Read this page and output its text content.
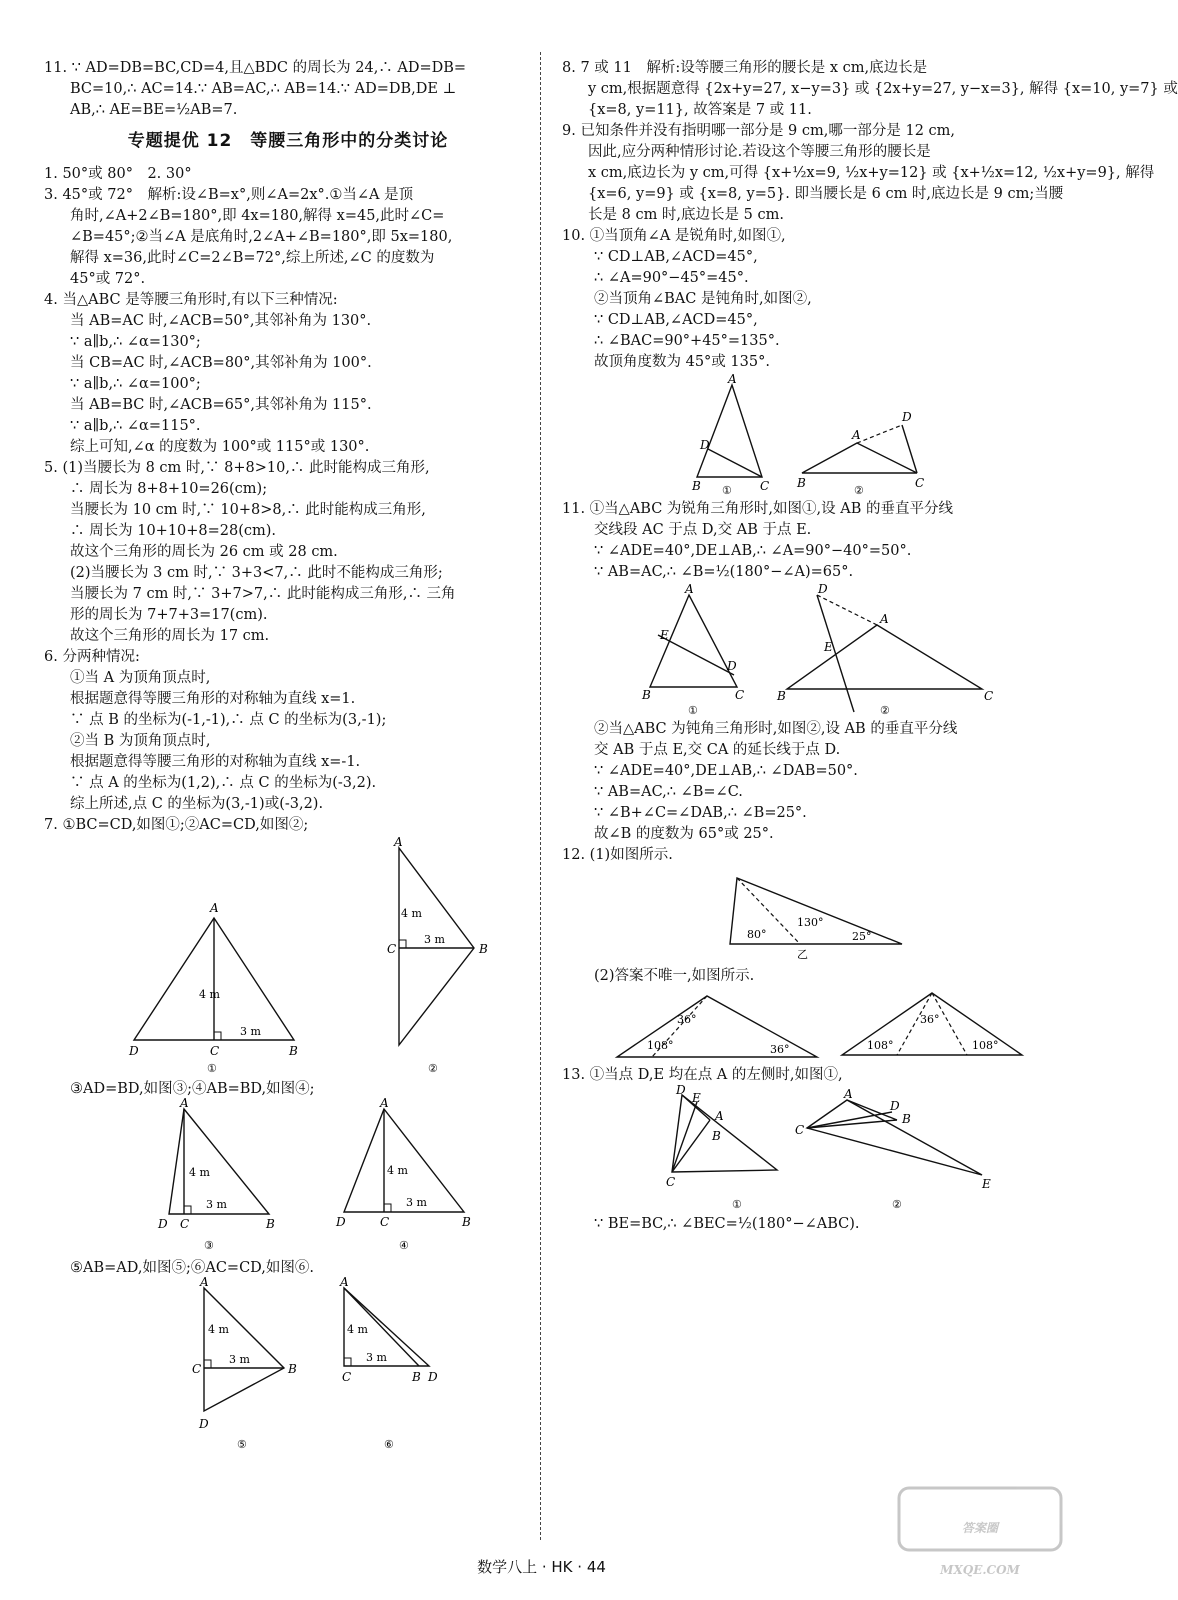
11. ∵ AD=DB=BC,CD=4,且△BDC 的周长为 24,∴ AD=DB=

BC=10,∴ AC=14.∵ AB=AC,∴ AB=14.∵ AD=DB,DE ⊥

AB,∴ AE=BE=½AB=7.

专题提优 12　等腰三角形中的分类讨论

1. 50°或 80°　2. 30°

3. 45°或 72°　解析:设∠B=x°,则∠A=2x°.①当∠A 是顶

角时,∠A+2∠B=180°,即 4x=180,解得 x=45,此时∠C=

∠B=45°;②当∠A 是底角时,2∠A+∠B=180°,即 5x=180,

解得 x=36,此时∠C=2∠B=72°,综上所述,∠C 的度数为

45°或 72°.

4. 当△ABC 是等腰三角形时,有以下三种情况:

当 AB=AC 时,∠ACB=50°,其邻补角为 130°.

∵ a∥b,∴ ∠α=130°;

当 CB=AC 时,∠ACB=80°,其邻补角为 100°.

∵ a∥b,∴ ∠α=100°;

当 AB=BC 时,∠ACB=65°,其邻补角为 115°.

∵ a∥b,∴ ∠α=115°.

综上可知,∠α 的度数为 100°或 115°或 130°.

5. (1)当腰长为 8 cm 时,∵ 8+8>10,∴ 此时能构成三角形,

∴ 周长为 8+8+10=26(cm);

当腰长为 10 cm 时,∵ 10+8>8,∴ 此时能构成三角形,

∴ 周长为 10+10+8=28(cm).

故这个三角形的周长为 26 cm 或 28 cm.

(2)当腰长为 3 cm 时,∵ 3+3<7,∴ 此时不能构成三角形;

当腰长为 7 cm 时,∵ 3+7>7,∴ 此时能构成三角形,∴ 三角

形的周长为 7+7+3=17(cm).

故这个三角形的周长为 17 cm.

6. 分两种情况:

①当 A 为顶角顶点时,

根据题意得等腰三角形的对称轴为直线 x=1.

∵ 点 B 的坐标为(-1,-1),∴ 点 C 的坐标为(3,-1);

②当 B 为顶角顶点时,

根据题意得等腰三角形的对称轴为直线 x=-1.

∵ 点 A 的坐标为(1,2),∴ 点 C 的坐标为(-3,2).

综上所述,点 C 的坐标为(3,-1)或(-3,2).

7. ①BC=CD,如图①;②AC=CD,如图②;

A
D	C	B
4 m
3 m
①
A
C	B
4 m
3 m
②

③AD=BD,如图③;④AB=BD,如图④;

A
D C	B
4 m
3 m
③
A
D	C	B
4 m
3 m
④

⑤AB=AD,如图⑤;⑥AC=CD,如图⑥.

A
C	B
D
4 m
3 m
⑤
A
C	B D
4 m
3 m
⑥

8. 7 或 11　解析:设等腰三角形的腰长是 x cm,底边长是

y cm,根据题意得 {2x+y=27, x−y=3} 或 {2x+y=27, y−x=3}, 解得 {x=10, y=7} 或

{x=8, y=11}, 故答案是 7 或 11.

9. 已知条件并没有指明哪一部分是 9 cm,哪一部分是 12 cm,

因此,应分两种情形讨论.若设这个等腰三角形的腰长是

x cm,底边长为 y cm,可得 {x+½x=9, ½x+y=12} 或 {x+½x=12, ½x+y=9}, 解得

{x=6, y=9} 或 {x=8, y=5}. 即当腰长是 6 cm 时,底边长是 9 cm;当腰

长是 8 cm 时,底边长是 5 cm.

10. ①当顶角∠A 是锐角时,如图①,

∵ CD⊥AB,∠ACD=45°,

∴ ∠A=90°−45°=45°.

②当顶角∠BAC 是钝角时,如图②,

∵ CD⊥AB,∠ACD=45°,

∴ ∠BAC=90°+45°=135°.

故顶角度数为 45°或 135°.

A
D
B	C
①
A
D
B	C
②

11. ①当△ABC 为锐角三角形时,如图①,设 AB 的垂直平分线

交线段 AC 于点 D,交 AB 于点 E.

∵ ∠ADE=40°,DE⊥AB,∴ ∠A=90°−40°=50°.

∵ AB=AC,∴ ∠B=½(180°−∠A)=65°.

A
E
D
B	C
①
A
D
E
B	C
②

②当△ABC 为钝角三角形时,如图②,设 AB 的垂直平分线

交 AB 于点 E,交 CA 的延长线于点 D.

∵ ∠ADE=40°,DE⊥AB,∴ ∠DAB=50°.

∵ AB=AC,∴ ∠B=∠C.

∵ ∠B+∠C=∠DAB,∴ ∠B=25°.

故∠B 的度数为 65°或 25°.

12. (1)如图所示.

80°
130°
25°
乙

(2)答案不唯一,如图所示.

36°
108°	36°
36°
108°	108°

13. ①当点 D,E 均在点 A 的左侧时,如图①,

D
E
A
B
C
①
A
D
B
C
E
②

∵ BE=BC,∴ ∠BEC=½(180°−∠ABC).

数学八上 · HK · 44
答案圈
MXQE.COM
